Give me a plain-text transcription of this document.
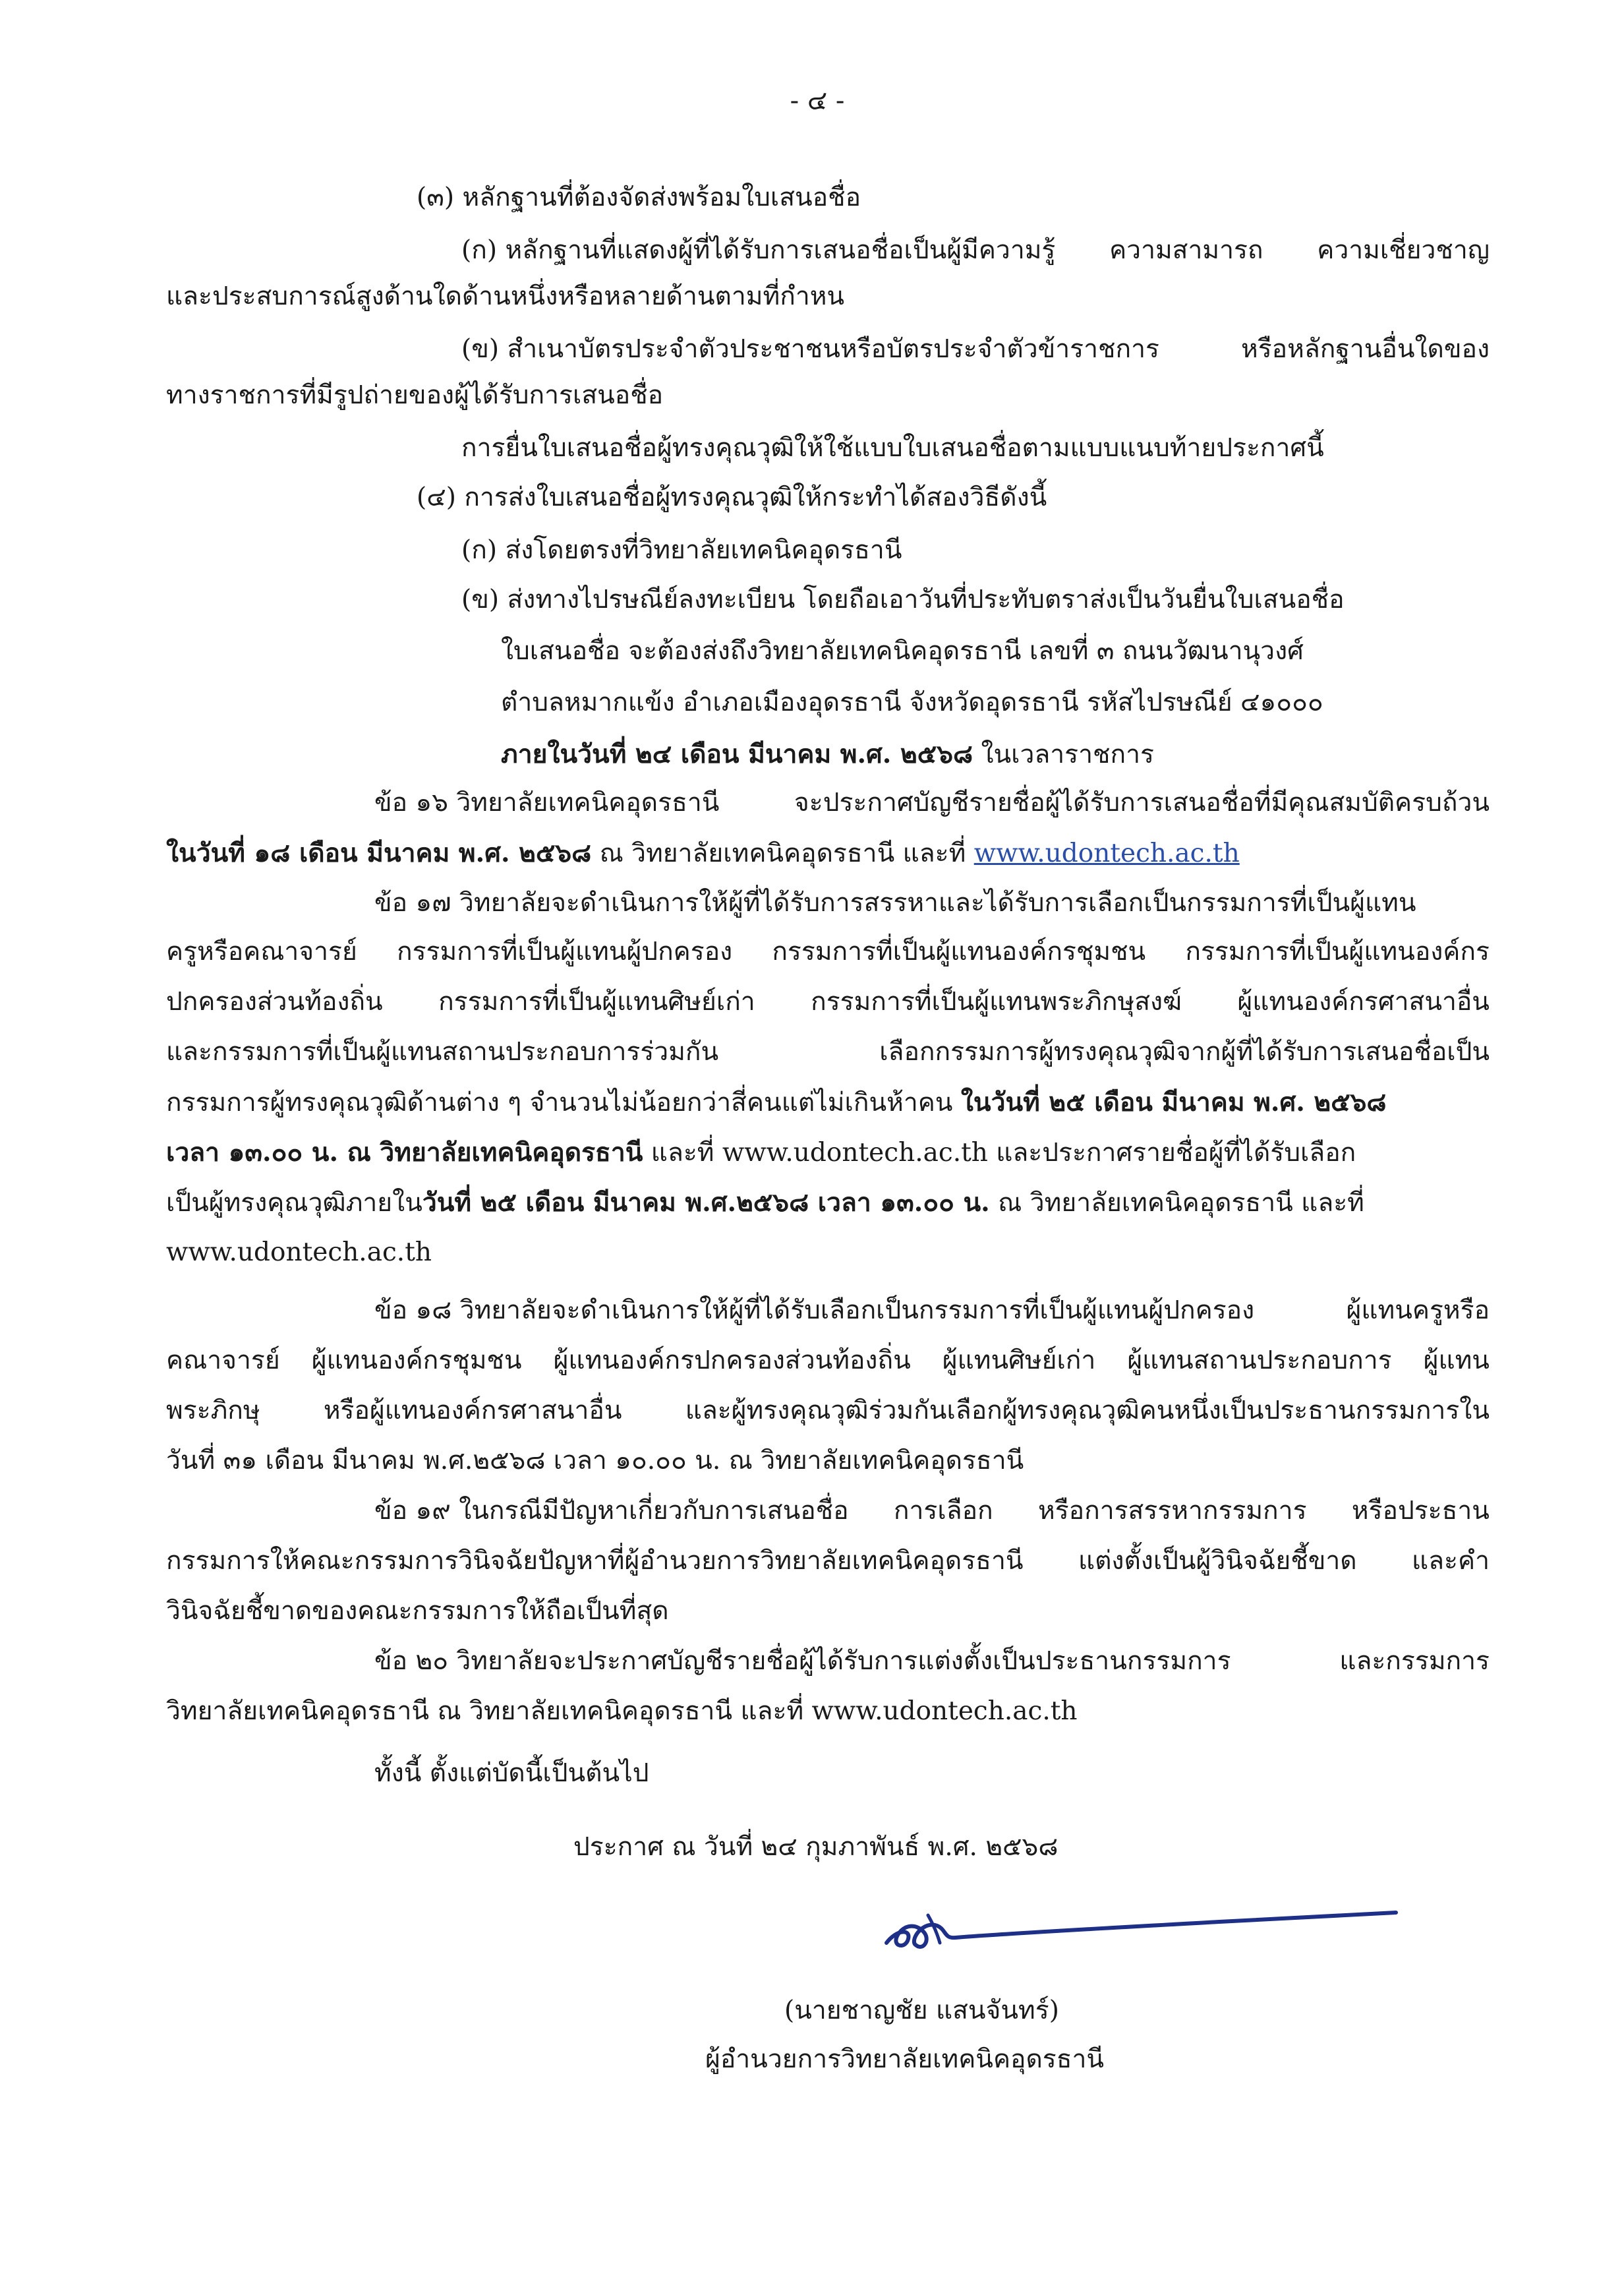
- ๔ -
(๓) หลักฐานที่ต้องจัดส่งพร้อมใบเสนอชื่อ
(ก) หลักฐานที่แสดงผู้ที่ได้รับการเสนอชื่อเป็นผู้มีความรู้ ความสามารถ ความเชี่ยวชาญ
และประสบการณ์สูงด้านใดด้านหนึ่งหรือหลายด้านตามที่กำหน
(ข) สำเนาบัตรประจำตัวประชาชนหรือบัตรประจำตัวข้าราชการ	หรือหลักฐานอื่นใดของ
ทางราชการที่มีรูปถ่ายของผู้ได้รับการเสนอชื่อ
การยื่นใบเสนอชื่อผู้ทรงคุณวุฒิให้ใช้แบบใบเสนอชื่อตามแบบแนบท้ายประกาศนี้
(๔) การส่งใบเสนอชื่อผู้ทรงคุณวุฒิให้กระทำได้สองวิธีดังนี้
(ก) ส่งโดยตรงที่วิทยาลัยเทคนิคอุดรธานี
(ข) ส่งทางไปรษณีย์ลงทะเบียน โดยถือเอาวันที่ประทับตราส่งเป็นวันยื่นใบเสนอชื่อ
ใบเสนอชื่อ จะต้องส่งถึงวิทยาลัยเทคนิคอุดรธานี เลขที่ ๓ ถนนวัฒนานุวงศ์
ตำบลหมากแข้ง อำเภอเมืองอุดรธานี จังหวัดอุดรธานี รหัสไปรษณีย์ ๔๑๐๐๐
ภายในวันที่ ๒๔ เดือน มีนาคม พ.ศ. ๒๕๖๘ ในเวลาราชการ
ข้อ ๑๖ วิทยาลัยเทคนิคอุดรธานี	จะประกาศบัญชีรายชื่อผู้ได้รับการเสนอชื่อที่มีคุณสมบัติครบถ้วน
ในวันที่ ๑๘ เดือน มีนาคม พ.ศ. ๒๕๖๘ ณ วิทยาลัยเทคนิคอุดรธานี และที่ www.udontech.ac.th
ข้อ ๑๗ วิทยาลัยจะดำเนินการให้ผู้ที่ได้รับการสรรหาและได้รับการเลือกเป็นกรรมการที่เป็นผู้แทน
ครูหรือคณาจารย์ กรรมการที่เป็นผู้แทนผู้ปกครอง กรรมการที่เป็นผู้แทนองค์กรชุมชน กรรมการที่เป็นผู้แทนองค์กร
ปกครองส่วนท้องถิ่น กรรมการที่เป็นผู้แทนศิษย์เก่า กรรมการที่เป็นผู้แทนพระภิกษุสงฆ์ ผู้แทนองค์กรศาสนาอื่น
และกรรมการที่เป็นผู้แทนสถานประกอบการร่วมกัน	เลือกกรรมการผู้ทรงคุณวุฒิจากผู้ที่ได้รับการเสนอชื่อเป็น
กรรมการผู้ทรงคุณวุฒิด้านต่าง ๆ จำนวนไม่น้อยกว่าสี่คนแต่ไม่เกินห้าคน ในวันที่ ๒๕ เดือน มีนาคม พ.ศ. ๒๕๖๘
เวลา ๑๓.๐๐ น. ณ วิทยาลัยเทคนิคอุดรธานี และที่ www.udontech.ac.th และประกาศรายชื่อผู้ที่ได้รับเลือก
เป็นผู้ทรงคุณวุฒิภายในวันที่ ๒๕ เดือน มีนาคม พ.ศ.๒๕๖๘ เวลา ๑๓.๐๐ น. ณ วิทยาลัยเทคนิคอุดรธานี และที่
www.udontech.ac.th
ข้อ ๑๘ วิทยาลัยจะดำเนินการให้ผู้ที่ได้รับเลือกเป็นกรรมการที่เป็นผู้แทนผู้ปกครอง	ผู้แทนครูหรือ
คณาจารย์ ผู้แทนองค์กรชุมชน ผู้แทนองค์กรปกครองส่วนท้องถิ่น ผู้แทนศิษย์เก่า ผู้แทนสถานประกอบการ ผู้แทน
พระภิกษุ หรือผู้แทนองค์กรศาสนาอื่น และผู้ทรงคุณวุฒิร่วมกันเลือกผู้ทรงคุณวุฒิคนหนึ่งเป็นประธานกรรมการใน
วันที่ ๓๑ เดือน มีนาคม พ.ศ.๒๕๖๘ เวลา ๑๐.๐๐ น. ณ วิทยาลัยเทคนิคอุดรธานี
ข้อ ๑๙ ในกรณีมีปัญหาเกี่ยวกับการเสนอชื่อ การเลือก หรือการสรรหากรรมการ หรือประธาน
กรรมการให้คณะกรรมการวินิจฉัยปัญหาที่ผู้อำนวยการวิทยาลัยเทคนิคอุดรธานี แต่งตั้งเป็นผู้วินิจฉัยชี้ขาด และคำ
วินิจฉัยชี้ขาดของคณะกรรมการให้ถือเป็นที่สุด
ข้อ ๒๐ วิทยาลัยจะประกาศบัญชีรายชื่อผู้ได้รับการแต่งตั้งเป็นประธานกรรมการ	และกรรมการ
วิทยาลัยเทคนิคอุดรธานี ณ วิทยาลัยเทคนิคอุดรธานี และที่ www.udontech.ac.th
ทั้งนี้ ตั้งแต่บัดนี้เป็นต้นไป
ประกาศ ณ วันที่ ๒๔ กุมภาพันธ์ พ.ศ. ๒๕๖๘
(นายชาญชัย แสนจันทร์)
ผู้อำนวยการวิทยาลัยเทคนิคอุดรธานี
